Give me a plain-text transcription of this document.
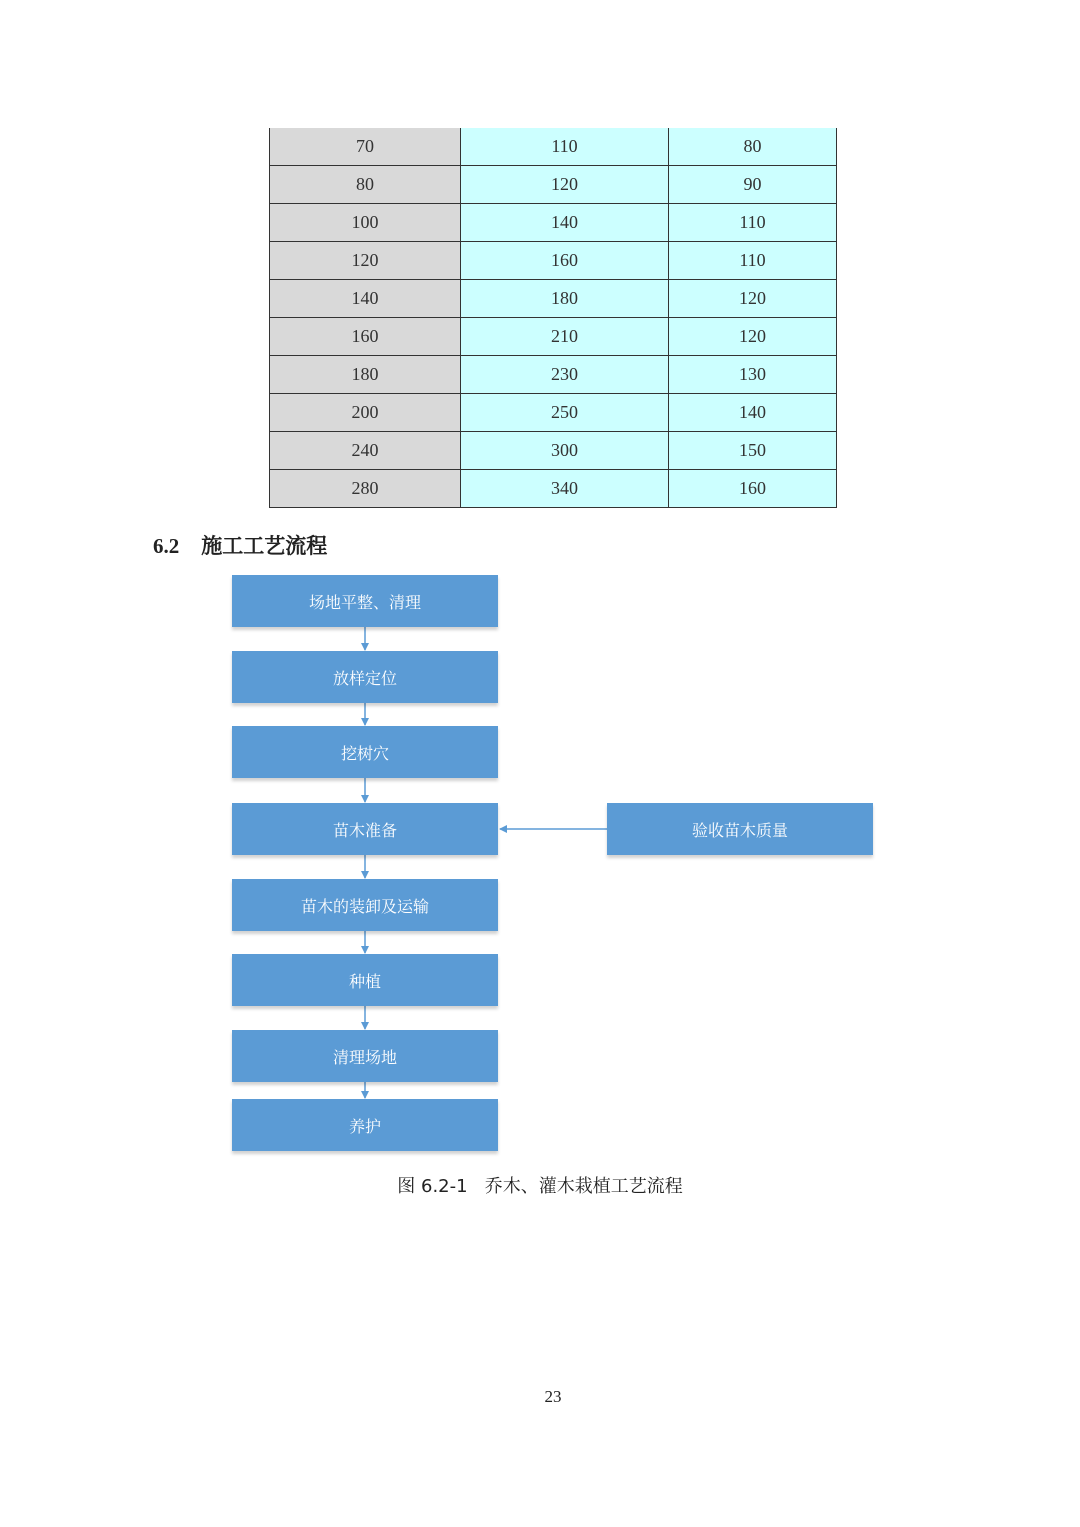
70	110	80
80	120	90
100	140	110
120	160	110
140	180	120
160	210	120
180	230	130
200	250	140
240	300	150
280	340	160
6.2 施工工艺流程
场地平整、清理
放样定位
挖树穴
苗木准备
苗木的装卸及运输
种植
清理场地
养护
验收苗木质量
图 6.2-1   乔木、灌木栽植工艺流程
23
